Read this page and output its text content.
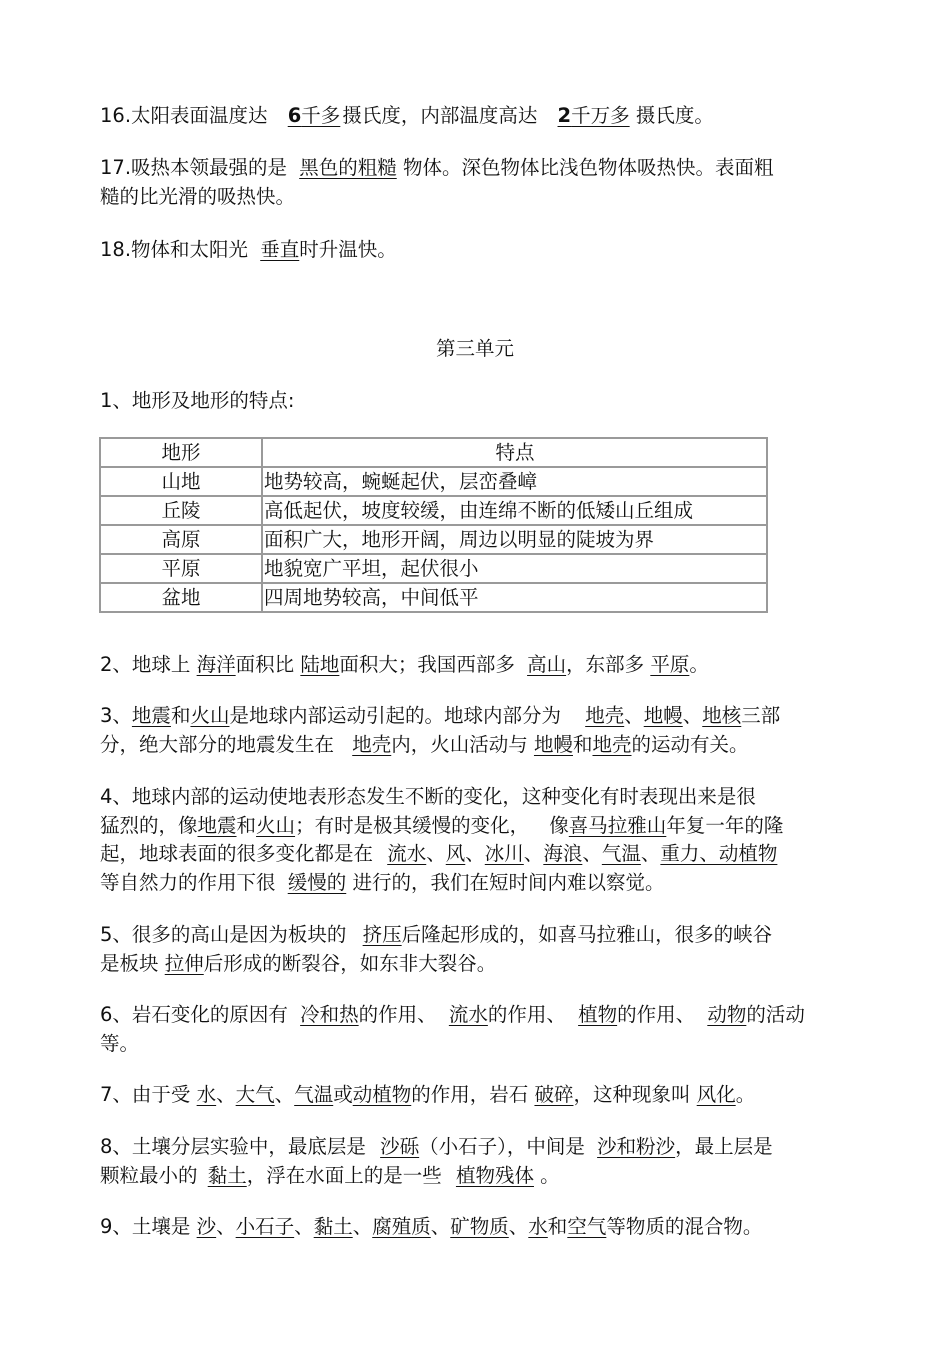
16.太阳表面温度达 6千多 摄氏度，内部温度高达 2千万多 摄氏度。
17.吸热本领最强的是 黑色的粗糙 物体。深色物体比浅色物体吸热快。表面粗
糙的比光滑的吸热快。
18.物体和太阳光 垂直时升温快。
第三单元
1、地形及地形的特点:
地形	特点
山地	地势较高，蜿蜒起伏，层峦叠嶂
丘陵	高低起伏，坡度较缓，由连绵不断的低矮山丘组成
高原	面积广大，地形开阔，周边以明显的陡坡为界
平原	地貌宽广平坦，起伏很小
盆地	四周地势较高，中间低平
2、地球上 海洋面积比 陆地面积大；我国西部多 高山，东部多 平原。
3、地震和火山是地球内部运动引起的。地球内部分为 地壳、地幔、地核三部
分，绝大部分的地震发生在 地壳内，火山活动与 地幔和地壳的运动有关。
4、地球内部的运动使地表形态发生不断的变化，这种变化有时表现出来是很
猛烈的，像地震和火山；有时是极其缓慢的变化， 像喜马拉雅山年复一年的隆
起，地球表面的很多变化都是在 流水、风、冰川、海浪、气温、重力、动植物
等自然力的作用下很 缓慢的 进行的，我们在短时间内难以察觉。
5、很多的高山是因为板块的 挤压后隆起形成的，如喜马拉雅山，很多的峡谷
是板块 拉伸后形成的断裂谷，如东非大裂谷。
6、岩石变化的原因有 冷和热的作用、 流水的作用、 植物的作用、 动物的活动
等。
7、由于受 水、大气、气温或动植物的作用，岩石 破碎，这种现象叫 风化。
8、土壤分层实验中，最底层是 沙砾（小石子），中间是 沙和粉沙，最上层是
颗粒最小的 黏土，浮在水面上的是一些 植物残体 。
9、土壤是 沙、小石子、黏土、腐殖质、矿物质、水和空气等物质的混合物。
